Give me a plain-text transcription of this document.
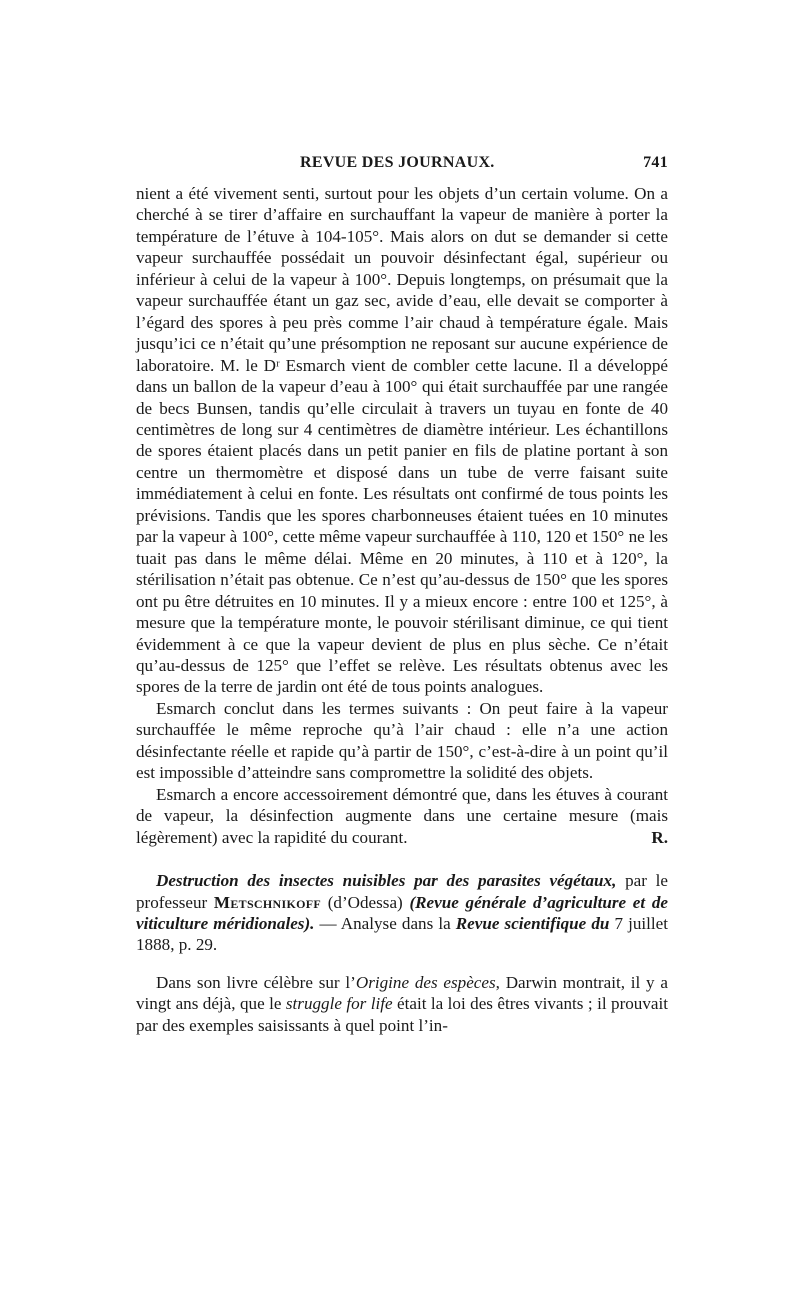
REVUE DES JOURNAUX.	741

nient a été vivement senti, surtout pour les objets d’un certain volume. On a cherché à se tirer d’affaire en surchauffant la vapeur de manière à porter la température de l’étuve à 104-105°. Mais alors on dut se demander si cette vapeur surchauffée possédait un pouvoir désinfectant égal, supérieur ou inférieur à celui de la vapeur à 100°. Depuis longtemps, on présumait que la vapeur surchauffée étant un gaz sec, avide d’eau, elle devait se comporter à l’égard des spores à peu près comme l’air chaud à température égale. Mais jusqu’ici ce n’était qu’une présomption ne reposant sur aucune expérience de laboratoire. M. le Dʳ Esmarch vient de combler cette lacune. Il a développé dans un ballon de la vapeur d’eau à 100° qui était surchauffée par une rangée de becs Bunsen, tandis qu’elle circulait à travers un tuyau en fonte de 40 centimètres de long sur 4 centimètres de diamètre intérieur. Les échantillons de spores étaient placés dans un petit panier en fils de platine portant à son centre un thermomètre et disposé dans un tube de verre faisant suite immédiatement à celui en fonte. Les résultats ont confirmé de tous points les prévisions. Tandis que les spores charbonneuses étaient tuées en 10 minutes par la vapeur à 100°, cette même vapeur surchauffée à 110, 120 et 150° ne les tuait pas dans le même délai. Même en 20 minutes, à 110 et à 120°, la stérilisation n’était pas obtenue. Ce n’est qu’au-dessus de 150° que les spores ont pu être détruites en 10 minutes. Il y a mieux encore : entre 100 et 125°, à mesure que la température monte, le pouvoir stérilisant diminue, ce qui tient évidemment à ce que la vapeur devient de plus en plus sèche. Ce n’était qu’au-dessus de 125° que l’effet se relève. Les résultats obtenus avec les spores de la terre de jardin ont été de tous points analogues.

Esmarch conclut dans les termes suivants : On peut faire à la vapeur surchauffée le même reproche qu’à l’air chaud : elle n’a une action désinfectante réelle et rapide qu’à partir de 150°, c’est-à-dire à un point qu’il est impossible d’atteindre sans compromettre la solidité des objets.

Esmarch a encore accessoirement démontré que, dans les étuves à courant de vapeur, la désinfection augmente dans une certaine mesure (mais légèrement) avec la rapidité du courant.	R.

Destruction des insectes nuisibles par des parasites végétaux, par le professeur Metschnikoff (d’Odessa) (Revue générale d’agriculture et de viticulture méridionales). — Analyse dans la Revue scientifique du 7 juillet 1888, p. 29.

Dans son livre célèbre sur l’Origine des espèces, Darwin montrait, il y a vingt ans déjà, que le struggle for life était la loi des êtres vivants ; il prouvait par des exemples saisissants à quel point l’in-
